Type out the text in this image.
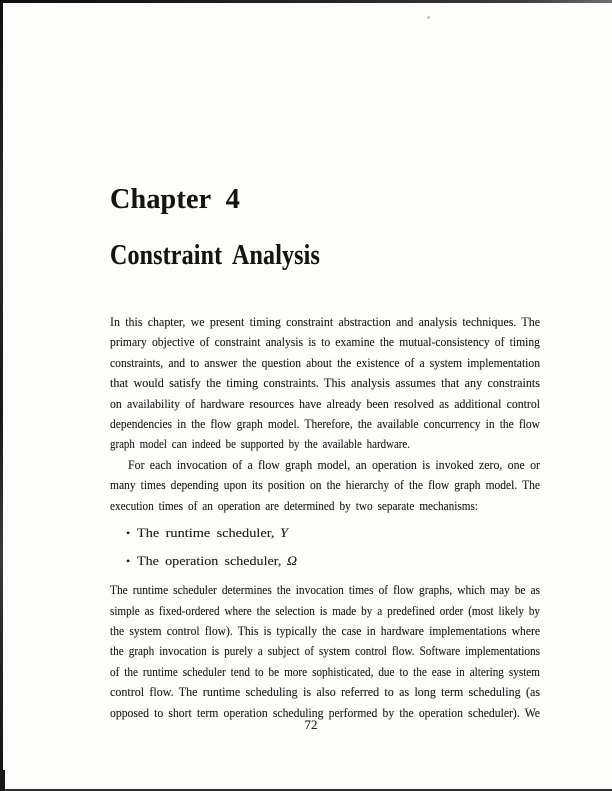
Chapter 4
Constraint Analysis
In this chapter, we present timing constraint abstraction and analysis techniques. The
primary objective of constraint analysis is to examine the mutual-consistency of timing
constraints, and to answer the question about the existence of a system implementation
that would satisfy the timing constraints. This analysis assumes that any constraints
on availability of hardware resources have already been resolved as additional control
dependencies in the flow graph model. Therefore, the available concurrency in the flow
graph model can indeed be supported by the available hardware.
For each invocation of a flow graph model, an operation is invoked zero, one or
many times depending upon its position on the hierarchy of the flow graph model. The
execution times of an operation are determined by two separate mechanisms:
• The runtime scheduler, Υ
• The operation scheduler, Ω
The runtime scheduler determines the invocation times of flow graphs, which may be as
simple as fixed-ordered where the selection is made by a predefined order (most likely by
the system control flow). This is typically the case in hardware implementations where
the graph invocation is purely a subject of system control flow. Software implementations
of the runtime scheduler tend to be more sophisticated, due to the ease in altering system
control flow. The runtime scheduling is also referred to as long term scheduling (as
opposed to short term operation scheduling performed by the operation scheduler). We
72
